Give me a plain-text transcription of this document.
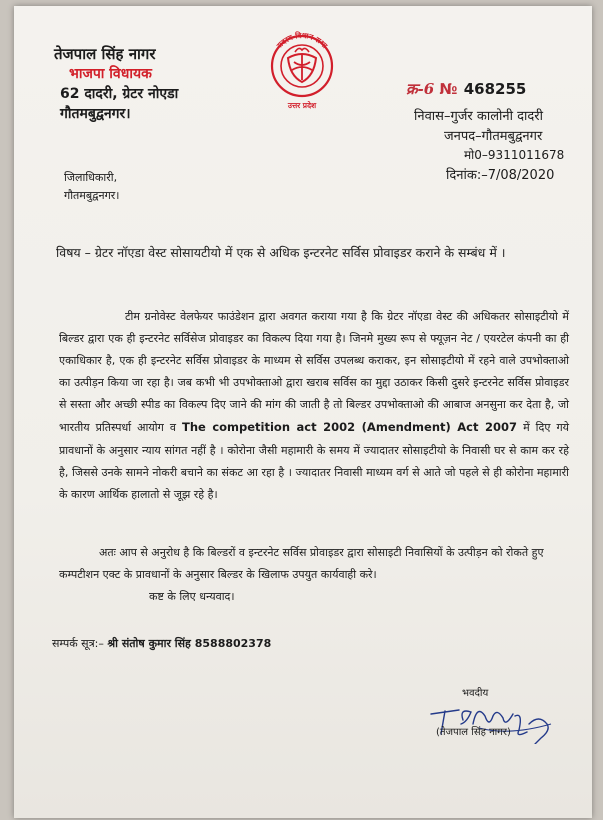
तेजपाल सिंह नागर
भाजपा विधायक
62 दादरी, ग्रेटर नोएडा
गौतमबुद्वनगर।
सदस्य विधान सभा
उत्तर प्रदेश
क्र-6 № 468255
निवास–गुर्जर कालोनी दादरी
जनपद–गौतमबुद्वनगर
मो0–9311011678
दिनांक:–7/08/2020
जिलाधिकारी,
गौतमबुद्वनगर।
विषय – ग्रेटर नॉएडा वेस्ट सोसायटीयो में एक से अधिक इन्टरनेट सर्विस प्रोवाइडर कराने के सम्बंध में ।

टीम ग्रनोवेस्ट वेलफेयर फाउंडेशन द्वारा अवगत कराया गया है कि ग्रेटर नॉएडा वेस्ट की अधिकतर सोसाइटीयो में बिल्डर द्वारा एक ही इन्टरनेट सर्विसेज प्रोवाइडर का विकल्प दिया गया है। जिनमे मुख्य रूप से फ्यूज़न नेट / एयरटेल कंपनी का ही एकाधिकार है, एक ही इन्टरनेट सर्विस प्रोवाइडर के माध्यम से सर्विस उपलब्ध कराकर, इन सोसाइटीयो में रहने वाले उपभोक्ताओ का उत्पीड़न किया जा रहा है। जब कभी भी उपभोक्ताओ द्वारा खराब सर्विस का मुद्दा उठाकर किसी दुसरे इन्टरनेट सर्विस प्रोवाइडर से सस्ता और अच्छी स्पीड का विकल्प दिए जाने की मांग की जाती है तो बिल्डर उपभोक्ताओ की आबाज अनसुना कर देता है, जो भारतीय प्रतिस्पर्धा आयोग व The competition act 2002 (Amendment) Act 2007 में दिए गये प्रावधानों के अनुसार न्याय सांगत नहीं है । कोरोना जैसी महामारी के समय में ज्यादातर सोसाइटीयो के निवासी घर से काम कर रहे है, जिससे उनके सामने नोकरी बचाने का संकट आ रहा है । ज्यादातर निवासी माध्यम वर्ग से आते जो पहले से ही कोरोना महामारी के कारण आर्थिक हालातो से जूझ रहे है।

अतः आप से अनुरोध है कि बिल्डरों व इन्टरनेट सर्विस प्रोवाइडर द्वारा सोसाइटी निवासियों के उत्पीड़न को रोकते हुए कम्पटीशन एक्ट के प्रावधानों के अनुसार बिल्डर के खिलाफ उपयुत कार्यवाही करे।

कष्ट के लिए धन्यवाद।
सम्पर्क सूत्र:– श्री संतोष कुमार सिंह 8588802378
भवदीय
(तेजपाल सिंह नागर)
